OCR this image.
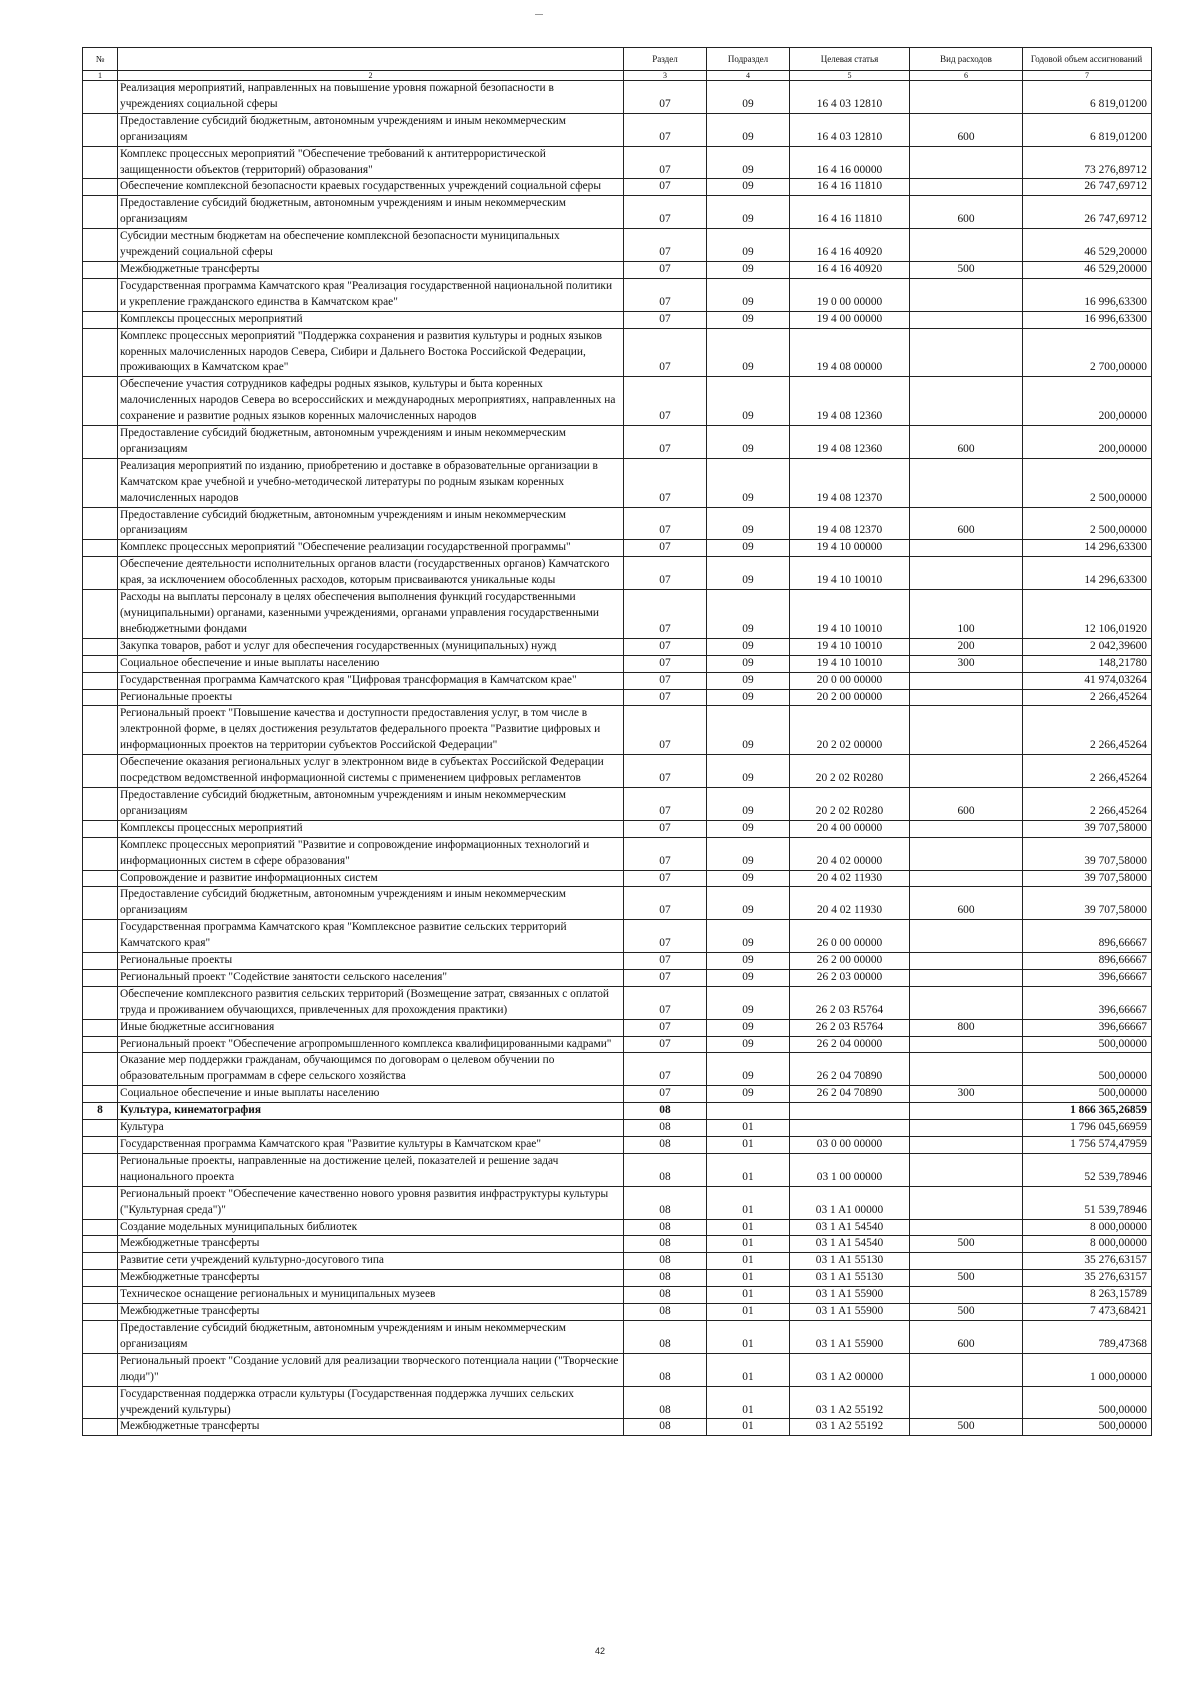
№		Раздел	Подраздел	Целевая статья	Вид расходов	Годовой объем ассигнований
1	2	3	4	5	6	7
	Реализация мероприятий, направленных на повышение уровня пожарной безопасности в учреждениях социальной сферы	07	09	16 4 03 12810		6 819,01200
	Предоставление субсидий бюджетным, автономным учреждениям и иным некоммерческим организациям	07	09	16 4 03 12810	600	6 819,01200
	Комплекс процессных мероприятий "Обеспечение требований к антитеррористической защищенности объектов (территорий) образования"	07	09	16 4 16 00000		73 276,89712
	Обеспечение комплексной безопасности краевых государственных учреждений социальной сферы	07	09	16 4 16 11810		26 747,69712
	Предоставление субсидий бюджетным, автономным учреждениям и иным некоммерческим организациям	07	09	16 4 16 11810	600	26 747,69712
	Субсидии местным бюджетам на обеспечение комплексной безопасности муниципальных учреждений социальной сферы	07	09	16 4 16 40920		46 529,20000
	Межбюджетные трансферты	07	09	16 4 16 40920	500	46 529,20000
	Государственная программа Камчатского края "Реализация государственной национальной политики и укрепление гражданского единства в Камчатском крае"	07	09	19 0 00 00000		16 996,63300
	Комплексы процессных мероприятий	07	09	19 4 00 00000		16 996,63300
	Комплекс процессных мероприятий "Поддержка сохранения и развития культуры и родных языков коренных малочисленных народов Севера, Сибири и Дальнего Востока Российской Федерации, проживающих в Камчатском крае"	07	09	19 4 08 00000		2 700,00000
	Обеспечение участия сотрудников кафедры родных языков, культуры и быта коренных малочисленных народов Севера во всероссийских и международных мероприятиях, направленных на сохранение и развитие родных языков коренных малочисленных народов	07	09	19 4 08 12360		200,00000
	Предоставление субсидий бюджетным, автономным учреждениям и иным некоммерческим организациям	07	09	19 4 08 12360	600	200,00000
	Реализация мероприятий по изданию, приобретению и доставке в образовательные организации в Камчатском крае учебной и учебно-методической литературы по родным языкам коренных малочисленных народов	07	09	19 4 08 12370		2 500,00000
	Предоставление субсидий бюджетным, автономным учреждениям и иным некоммерческим организациям	07	09	19 4 08 12370	600	2 500,00000
	Комплекс процессных мероприятий "Обеспечение реализации государственной программы"	07	09	19 4 10 00000		14 296,63300
	Обеспечение деятельности исполнительных органов власти (государственных органов) Камчатского края, за исключением обособленных расходов, которым присваиваются уникальные коды	07	09	19 4 10 10010		14 296,63300
	Расходы на выплаты персоналу в целях обеспечения выполнения функций государственными (муниципальными) органами, казенными учреждениями, органами управления государственными внебюджетными фондами	07	09	19 4 10 10010	100	12 106,01920
	Закупка товаров, работ и услуг для обеспечения государственных (муниципальных) нужд	07	09	19 4 10 10010	200	2 042,39600
	Социальное обеспечение и иные выплаты населению	07	09	19 4 10 10010	300	148,21780
	Государственная программа Камчатского края "Цифровая трансформация в Камчатском крае"	07	09	20 0 00 00000		41 974,03264
	Региональные проекты	07	09	20 2 00 00000		2 266,45264
	Региональный проект "Повышение качества и доступности предоставления услуг, в том числе в электронной форме, в целях достижения результатов федерального проекта "Развитие цифровых и информационных проектов на территории субъектов Российской Федерации"	07	09	20 2 02 00000		2 266,45264
	Обеспечение оказания региональных услуг в электронном виде в субъектах Российской Федерации посредством ведомственной информационной системы с применением цифровых регламентов	07	09	20 2 02 R0280		2 266,45264
	Предоставление субсидий бюджетным, автономным учреждениям и иным некоммерческим организациям	07	09	20 2 02 R0280	600	2 266,45264
	Комплексы процессных мероприятий	07	09	20 4 00 00000		39 707,58000
	Комплекс процессных мероприятий "Развитие и сопровождение информационных технологий и информационных систем в сфере образования"	07	09	20 4 02 00000		39 707,58000
	Сопровождение и развитие информационных систем	07	09	20 4 02 11930		39 707,58000
	Предоставление субсидий бюджетным, автономным учреждениям и иным некоммерческим организациям	07	09	20 4 02 11930	600	39 707,58000
	Государственная программа Камчатского края "Комплексное развитие сельских территорий Камчатского края"	07	09	26 0 00 00000		896,66667
	Региональные проекты	07	09	26 2 00 00000		896,66667
	Региональный проект "Содействие занятости сельского населения"	07	09	26 2 03 00000		396,66667
	Обеспечение комплексного развития сельских территорий (Возмещение затрат, связанных с оплатой труда и проживанием обучающихся, привлеченных для прохождения практики)	07	09	26 2 03 R5764		396,66667
	Иные бюджетные ассигнования	07	09	26 2 03 R5764	800	396,66667
	Региональный проект "Обеспечение агропромышленного комплекса квалифицированными кадрами"	07	09	26 2 04 00000		500,00000
	Оказание мер поддержки гражданам, обучающимся по договорам о целевом обучении по образовательным программам в сфере сельского хозяйства	07	09	26 2 04 70890		500,00000
	Социальное обеспечение и иные выплаты населению	07	09	26 2 04 70890	300	500,00000
8	Культура, кинематография	08				1 866 365,26859
	Культура	08	01			1 796 045,66959
	Государственная программа Камчатского края "Развитие культуры в Камчатском крае"	08	01	03 0 00 00000		1 756 574,47959
	Региональные проекты, направленные на достижение целей, показателей и решение задач национального проекта	08	01	03 1 00 00000		52 539,78946
	Региональный проект "Обеспечение качественно нового уровня развития инфраструктуры культуры ("Культурная среда")"	08	01	03 1 A1 00000		51 539,78946
	Создание модельных муниципальных библиотек	08	01	03 1 A1 54540		8 000,00000
	Межбюджетные трансферты	08	01	03 1 A1 54540	500	8 000,00000
	Развитие сети учреждений культурно-досугового типа	08	01	03 1 A1 55130		35 276,63157
	Межбюджетные трансферты	08	01	03 1 A1 55130	500	35 276,63157
	Техническое оснащение региональных и муниципальных музеев	08	01	03 1 A1 55900		8 263,15789
	Межбюджетные трансферты	08	01	03 1 A1 55900	500	7 473,68421
	Предоставление субсидий бюджетным, автономным учреждениям и иным некоммерческим организациям	08	01	03 1 A1 55900	600	789,47368
	Региональный проект "Создание условий для реализации творческого потенциала нации ("Творческие люди")"	08	01	03 1 A2 00000		1 000,00000
	Государственная поддержка отрасли культуры (Государственная поддержка лучших сельских учреждений культуры)	08	01	03 1 A2 55192		500,00000
	Межбюджетные трансферты	08	01	03 1 A2 55192	500	500,00000
42
